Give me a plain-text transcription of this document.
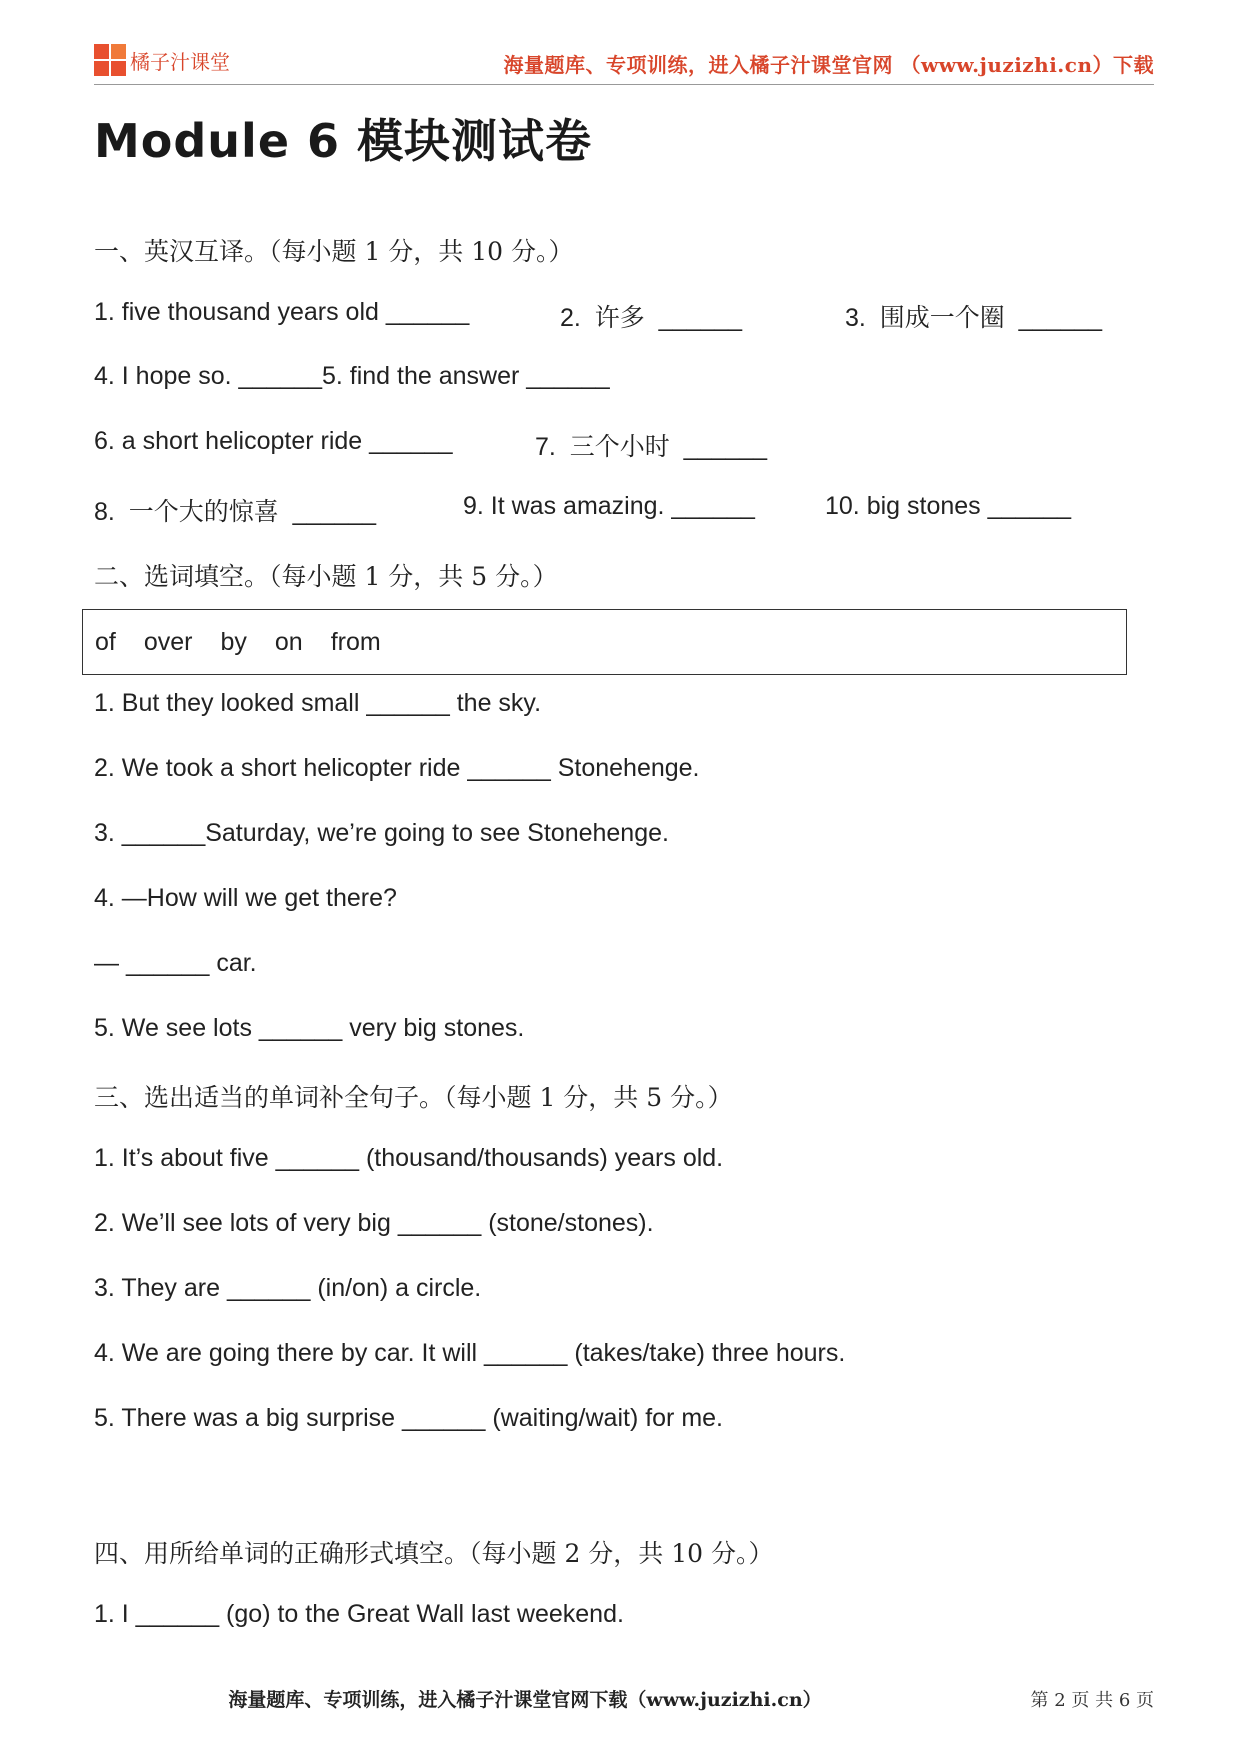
橘子汁课堂	海量题库、专项训练，进入橘子汁课堂官网 （www.juzizhi.cn）下载
Module 6 模块测试卷
一、英汉互译。（每小题 1 分，共 10 分。）
1. five thousand years old ______	2.  许多  ______	3.  围成一个圈  ______
4. I hope so. ______5. find the answer ______
6. a short helicopter ride ______	7.  三个小时  ______
8.  一个大的惊喜  ______	9. It was amazing. ______	10. big stones ______
二、选词填空。（每小题 1 分，共 5 分。）
of over by on from
1. But they looked small ______ the sky.
2. We took a short helicopter ride ______ Stonehenge.
3. ______Saturday, we’re going to see Stonehenge.
4. —How will we get there?
— ______ car.
5. We see lots ______ very big stones.
三、选出适当的单词补全句子。（每小题 1 分，共 5 分。）
1. It’s about five ______ (thousand/thousands) years old.
2. We’ll see lots of very big ______ (stone/stones).
3. They are ______ (in/on) a circle.
4. We are going there by car. It will ______ (takes/take) three hours.
5. There was a big surprise ______ (waiting/wait) for me.
四、用所给单词的正确形式填空。（每小题 2 分，共 10 分。）
1. I ______ (go) to the Great Wall last weekend.
海量题库、专项训练，进入橘子汁课堂官网下载（www.juzizhi.cn）	第 2 页 共 6 页
